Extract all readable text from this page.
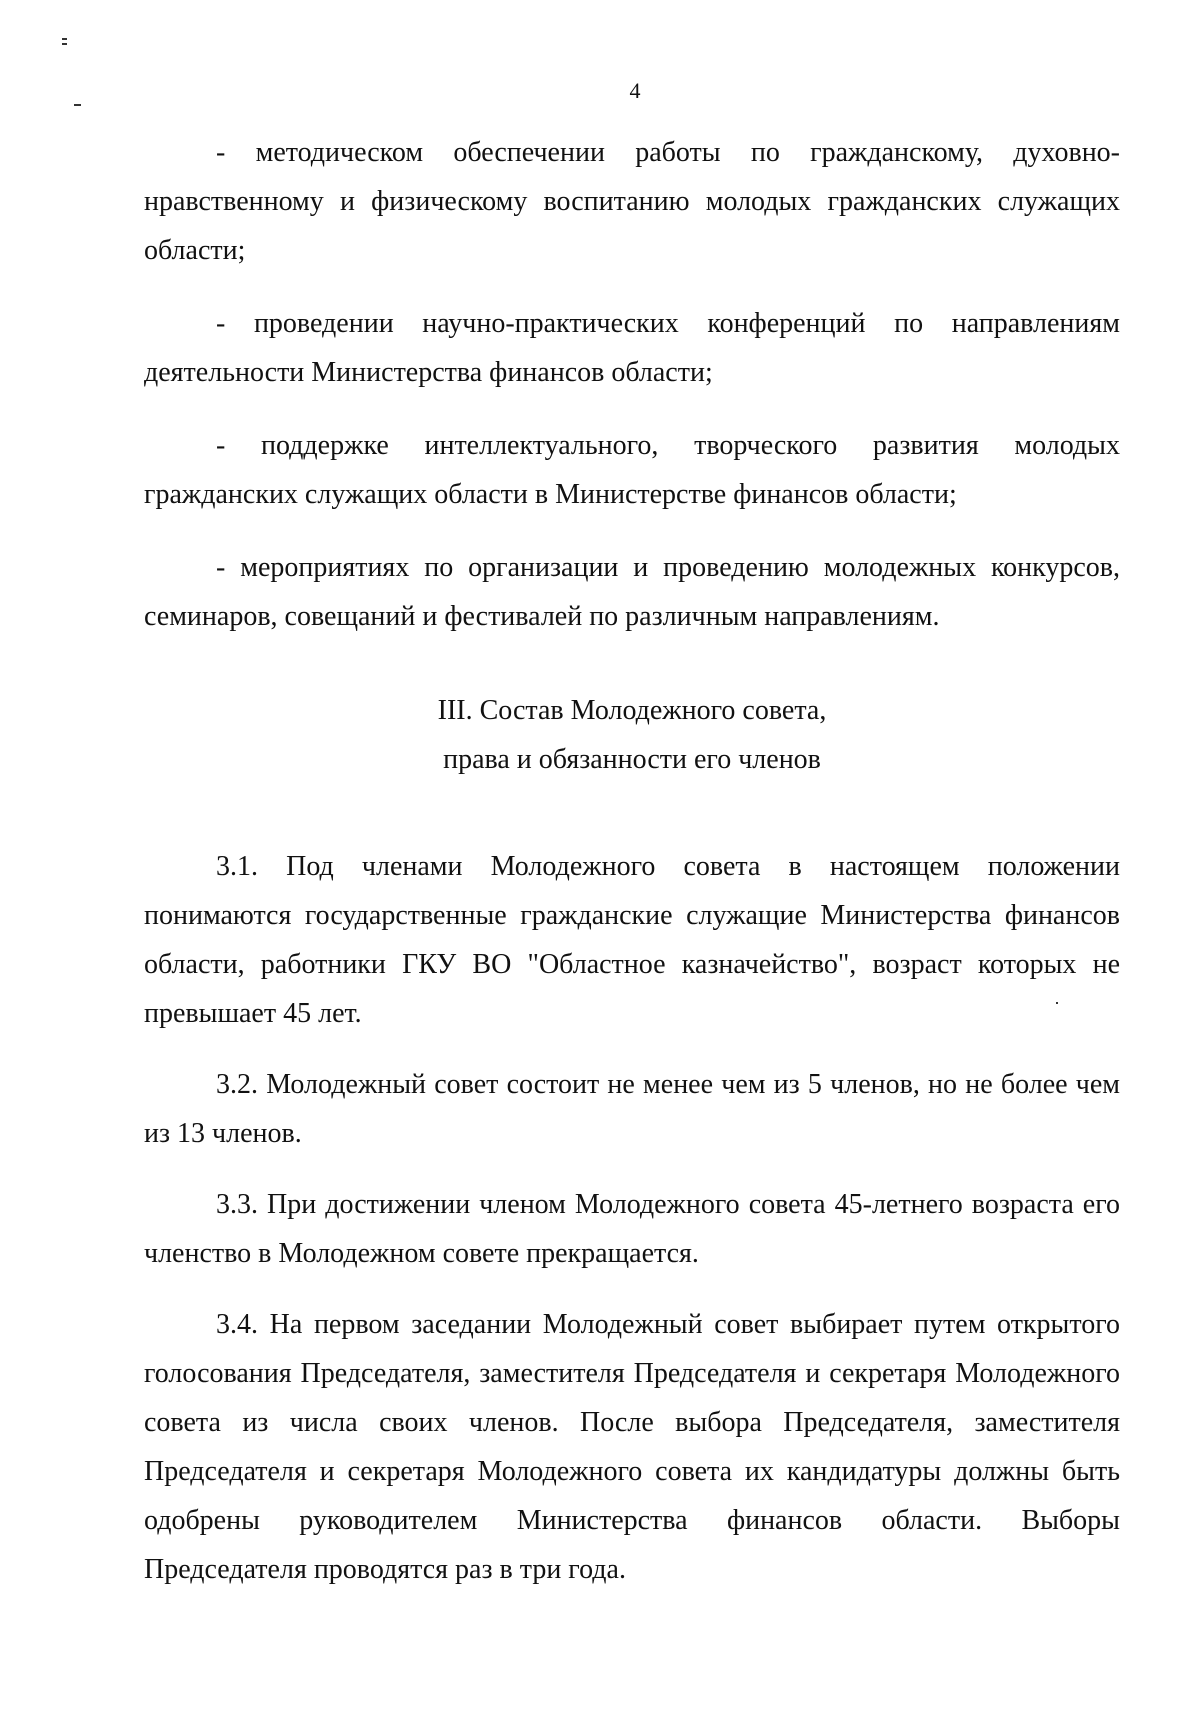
4

- методическом обеспечении работы по гражданскому, духовно-нравственному и физическому воспитанию молодых гражданских служащих области;

- проведении научно-практических конференций по направлениям деятельности Министерства финансов области;

- поддержке интеллектуального, творческого развития молодых гражданских служащих области в Министерстве финансов области;

- мероприятиях по организации и проведению молодежных конкурсов, семинаров, совещаний и фестивалей по различным направлениям.

III. Состав Молодежного совета,
права и обязанности его членов

3.1. Под членами Молодежного совета в настоящем положении понимаются государственные гражданские служащие Министерства финансов области, работники ГКУ ВО "Областное казначейство", возраст которых не превышает 45 лет.

3.2. Молодежный совет состоит не менее чем из 5 членов, но не более чем из 13 членов.

3.3. При достижении членом Молодежного совета 45-летнего возраста его членство в Молодежном совете прекращается.

3.4. На первом заседании Молодежный совет выбирает путем открытого голосования Председателя, заместителя Председателя и секретаря Молодежного совета из числа своих членов. После выбора Председателя, заместителя Председателя и секретаря Молодежного совета их кандидатуры должны быть одобрены руководителем Министерства финансов области. Выборы Председателя проводятся раз в три года.
